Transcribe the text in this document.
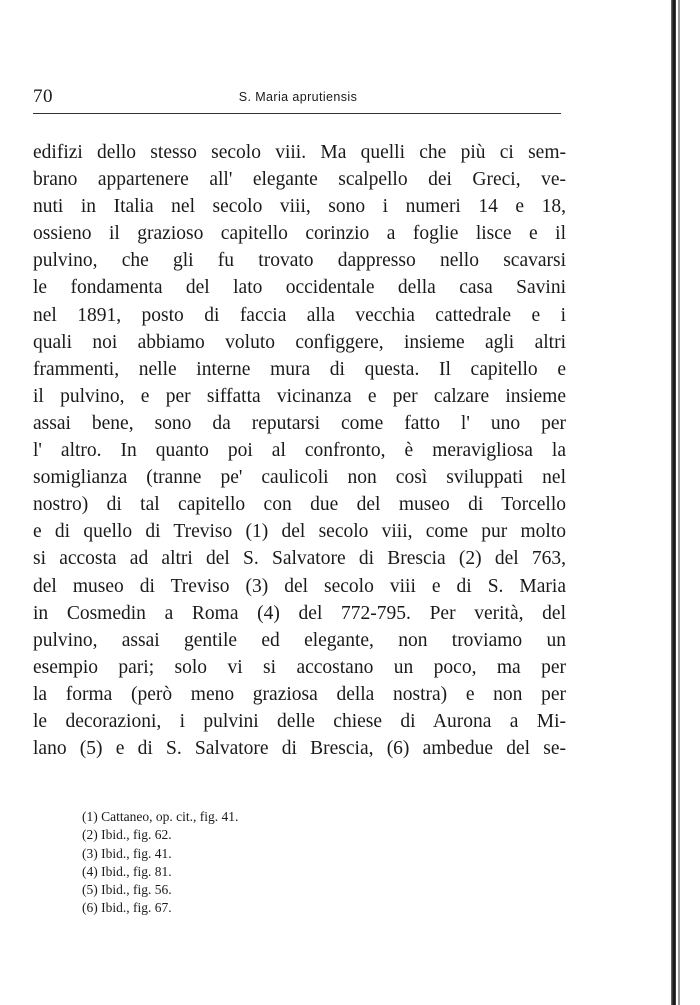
70	S. Maria aprutiensis
edifizi dello stesso secolo viii. Ma quelli che più ci sem-
brano appartenere all' elegante scalpello dei Greci, ve-
nuti in Italia nel secolo viii, sono i numeri 14 e 18,
ossieno il grazioso capitello corinzio a foglie lisce e il
pulvino, che gli fu trovato dappresso nello scavarsi
le fondamenta del lato occidentale della casa Savini
nel 1891, posto di faccia alla vecchia cattedrale e i
quali noi abbiamo voluto configgere, insieme agli altri
frammenti, nelle interne mura di questa. Il capitello e
il pulvino, e per siffatta vicinanza e per calzare insieme
assai bene, sono da reputarsi come fatto l' uno per
l' altro. In quanto poi al confronto, è meravigliosa la
somiglianza (tranne pe' caulicoli non così sviluppati nel
nostro) di tal capitello con due del museo di Torcello
e di quello di Treviso (1) del secolo viii, come pur molto
si accosta ad altri del S. Salvatore di Brescia (2) del 763,
del museo di Treviso (3) del secolo viii e di S. Maria
in Cosmedin a Roma (4) del 772-795. Per verità, del
pulvino, assai gentile ed elegante, non troviamo un
esempio pari; solo vi si accostano un poco, ma per
la forma (però meno graziosa della nostra) e non per
le decorazioni, i pulvini delle chiese di Aurona a Mi-
lano (5) e di S. Salvatore di Brescia, (6) ambedue del se-
(1) Cattaneo, op. cit., fig. 41.
(2) Ibid., fig. 62.
(3) Ibid., fig. 41.
(4) Ibid., fig. 81.
(5) Ibid., fig. 56.
(6) Ibid., fig. 67.
